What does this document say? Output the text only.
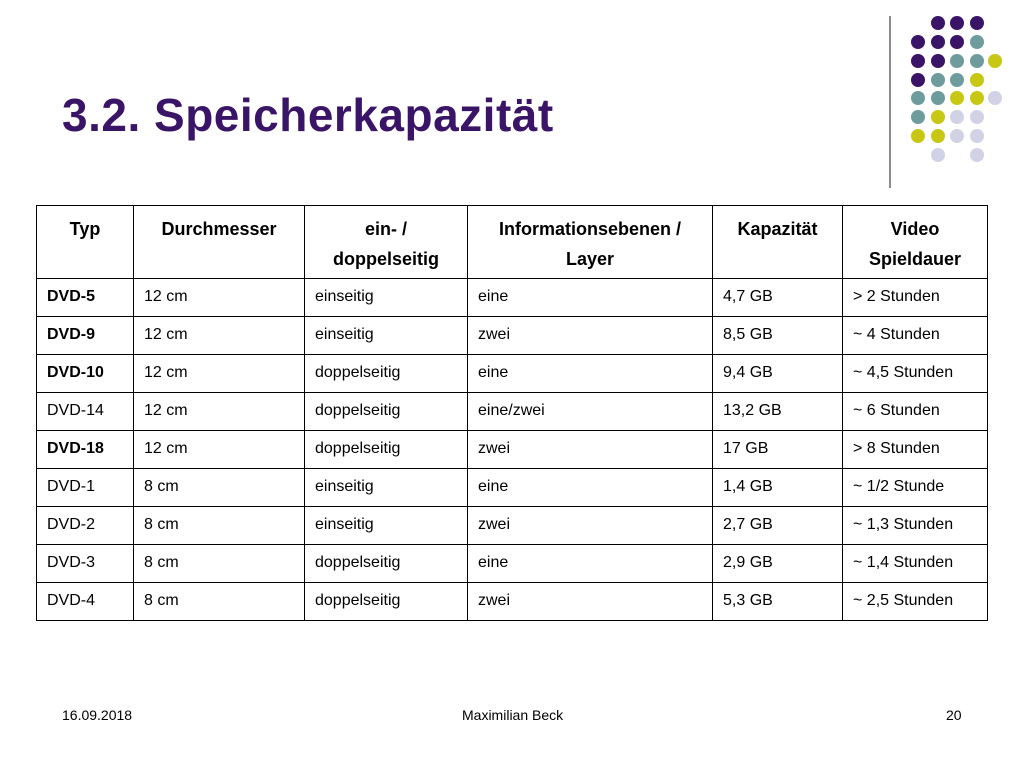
3.2. Speicherkapazität
Typ	Durchmesser	ein- / doppelseitig	Informationsebenen / Layer	Kapazität	Video Spieldauer
DVD-5	12 cm	einseitig	eine	4,7 GB	> 2 Stunden
DVD-9	12 cm	einseitig	zwei	8,5 GB	~ 4 Stunden
DVD-10	12 cm	doppelseitig	eine	9,4 GB	~ 4,5 Stunden
DVD-14	12 cm	doppelseitig	eine/zwei	13,2 GB	~ 6 Stunden
DVD-18	12 cm	doppelseitig	zwei	17 GB	> 8 Stunden
DVD-1	8 cm	einseitig	eine	1,4 GB	~ 1/2 Stunde
DVD-2	8 cm	einseitig	zwei	2,7 GB	~ 1,3 Stunden
DVD-3	8 cm	doppelseitig	eine	2,9 GB	~ 1,4 Stunden
DVD-4	8 cm	doppelseitig	zwei	5,3 GB	~ 2,5 Stunden
16.09.2018	Maximilian Beck	20
